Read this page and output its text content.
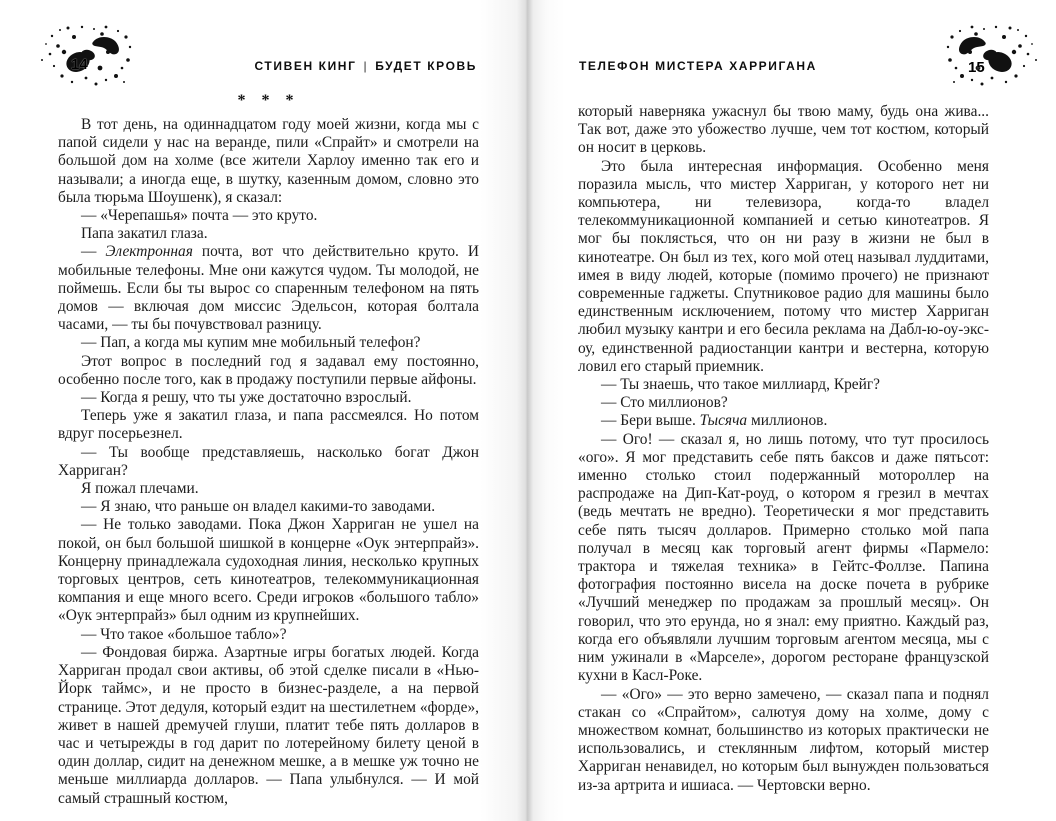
14	СТИВЕН КИНГ | БУДЕТ КРОВЬ	ТЕЛЕФОН МИСТЕРА ХАРРИГАНА	15
* * *

В тот день, на одиннадцатом году моей жизни, когда мы с папой сидели у нас на веранде, пили «Спрайт» и смотрели на большой дом на холме (все жители Харлоу именно так его и называли; а иногда еще, в шутку, казенным домом, словно это была тюрьма Шоушенк), я сказал:

— «Черепашья» почта — это круто.

Папа закатил глаза.

— Электронная почта, вот что действительно круто. И мобильные телефоны. Мне они кажутся чудом. Ты молодой, не поймешь. Если бы ты вырос со спаренным телефоном на пять домов — включая дом миссис Эдельсон, которая болтала часами, — ты бы почувствовал разницу.

— Пап, а когда мы купим мне мобильный телефон?

Этот вопрос в последний год я задавал ему постоянно, особенно после того, как в продажу поступили первые айфоны.

— Когда я решу, что ты уже достаточно взрослый.

Теперь уже я закатил глаза, и папа рассмеялся. Но потом вдруг посерьезнел.

— Ты вообще представляешь, насколько богат Джон Харриган?

Я пожал плечами.

— Я знаю, что раньше он владел какими-то заводами.

— Не только заводами. Пока Джон Харриган не ушел на покой, он был большой шишкой в концерне «Оук энтерпрайз». Концерну принадлежала судоходная линия, несколько крупных торговых центров, сеть кинотеатров, телекоммуникационная компания и еще много всего. Среди игроков «большого табло» «Оук энтерпрайз» был одним из крупнейших.

— Что такое «большое табло»?

— Фондовая биржа. Азартные игры богатых людей. Когда Харриган продал свои активы, об этой сделке писали в «Нью-Йорк таймс», и не просто в бизнес-разделе, а на первой странице. Этот дедуля, который ездит на шестилетнем «форде», живет в нашей дремучей глуши, платит тебе пять долларов в час и четырежды в год дарит по лотерейному билету ценой в один доллар, сидит на денежном мешке, а в мешке уж точно не меньше миллиарда долларов. — Папа улыбнулся. — И мой самый страшный костюм,

который наверняка ужаснул бы твою маму, будь она жива... Так вот, даже это убожество лучше, чем тот костюм, который он носит в церковь.

Это была интересная информация. Особенно меня поразила мысль, что мистер Харриган, у которого нет ни компьютера, ни телевизора, когда-то владел телекоммуникационной компанией и сетью кинотеатров. Я мог бы поклясться, что он ни разу в жизни не был в кинотеатре. Он был из тех, кого мой отец называл луддитами, имея в виду людей, которые (помимо прочего) не признают современные гаджеты. Спутниковое радио для машины было единственным исключением, потому что мистер Харриган любил музыку кантри и его бесила реклама на Дабл-ю-оу-экс-оу, единственной радиостанции кантри и вестерна, которую ловил его старый приемник.

— Ты знаешь, что такое миллиард, Крейг?

— Сто миллионов?

— Бери выше. Тысяча миллионов.

— Ого! — сказал я, но лишь потому, что тут просилось «ого». Я мог представить себе пять баксов и даже пятьсот: именно столько стоил подержанный мотороллер на распродаже на Дип-Кат-роуд, о котором я грезил в мечтах (ведь мечтать не вредно). Теоретически я мог представить себе пять тысяч долларов. Примерно столько мой папа получал в месяц как торговый агент фирмы «Пармело: трактора и тяжелая техника» в Гейтс-Фоллзе. Папина фотография постоянно висела на доске почета в рубрике «Лучший менеджер по продажам за прошлый месяц». Он говорил, что это ерунда, но я знал: ему приятно. Каждый раз, когда его объявляли лучшим торговым агентом месяца, мы с ним ужинали в «Марселе», дорогом ресторане французской кухни в Касл-Роке.

— «Ого» — это верно замечено, — сказал папа и поднял стакан со «Спрайтом», салютуя дому на холме, дому с множеством комнат, большинство из которых практически не использовались, и стеклянным лифтом, который мистер Харриган ненавидел, но которым был вынужден пользоваться из-за артрита и ишиаса. — Чертовски верно.
